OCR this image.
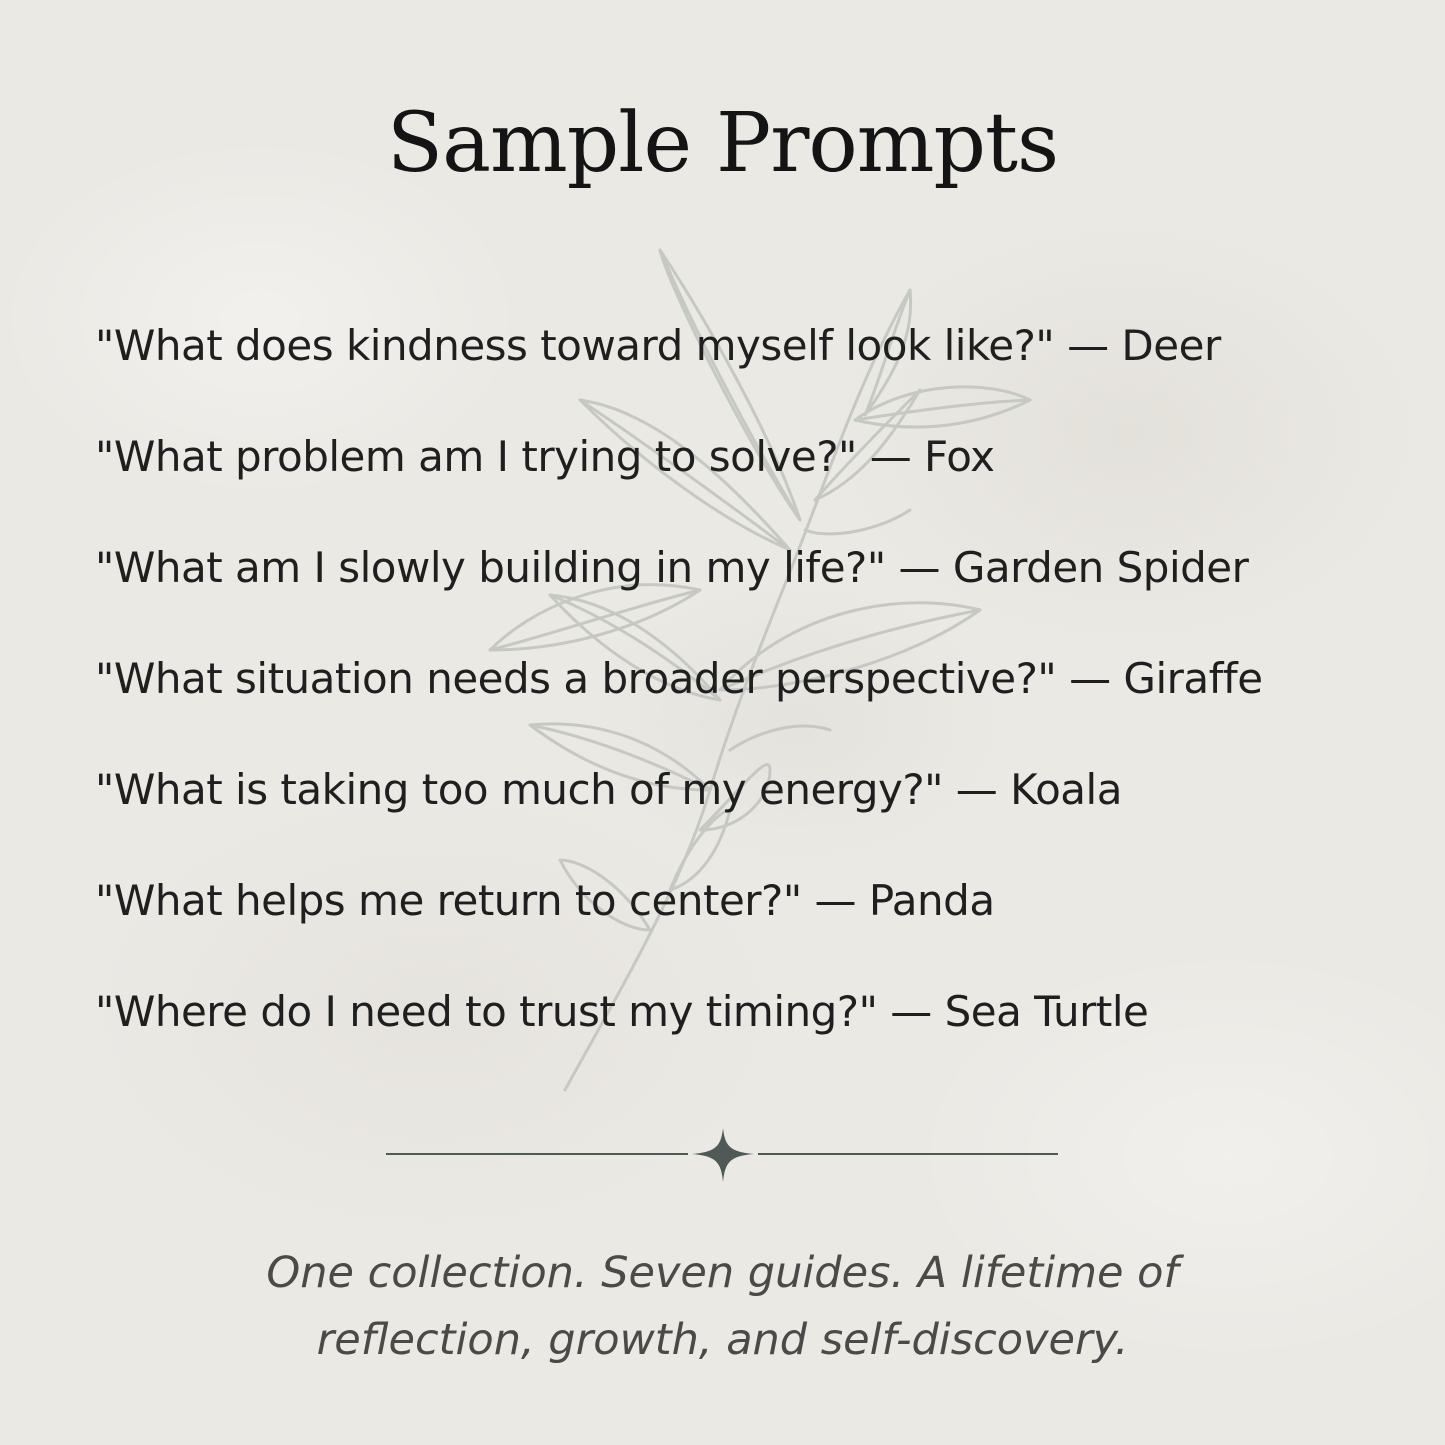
Sample Prompts
"What does kindness toward myself look like?" — Deer
"What problem am I trying to solve?" — Fox
"What am I slowly building in my life?" — Garden Spider
"What situation needs a broader perspective?" — Giraffe
"What is taking too much of my energy?" — Koala
"What helps me return to center?" — Panda
"Where do I need to trust my timing?" — Sea Turtle

One collection. Seven guides. A lifetime of
reflection, growth, and self-discovery.
